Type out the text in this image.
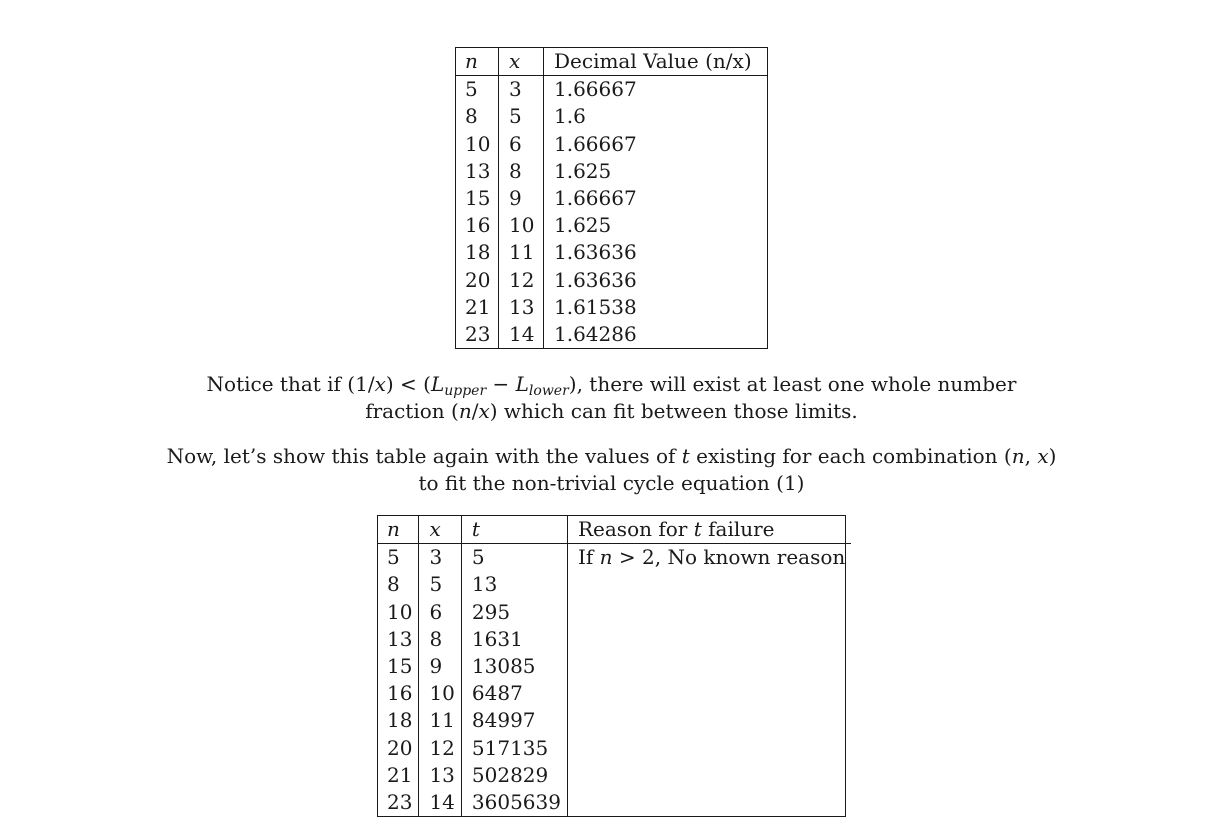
n	x	Decimal Value (n/x)
5	3	1.66667
8	5	1.6
10	6	1.66667
13	8	1.625
15	9	1.66667
16	10	1.625
18	11	1.63636
20	12	1.63636
21	13	1.61538
23	14	1.64286
Notice that if $(1/x) < (L_{upper} - L_{lower})$, there will exist at least one whole number
fraction (n/x) which can fit between those limits.
Now, let’s show this table again with the values of t existing for each combination (n, x)
to fit the non-trivial cycle equation (1)
n	x	t	Reason for t failure
5	3	5	If n > 2, No known reason
8	5	13	
10	6	295	
13	8	1631	
15	9	13085	
16	10	6487	
18	11	84997	
20	12	517135	
21	13	502829	
23	14	3605639	
